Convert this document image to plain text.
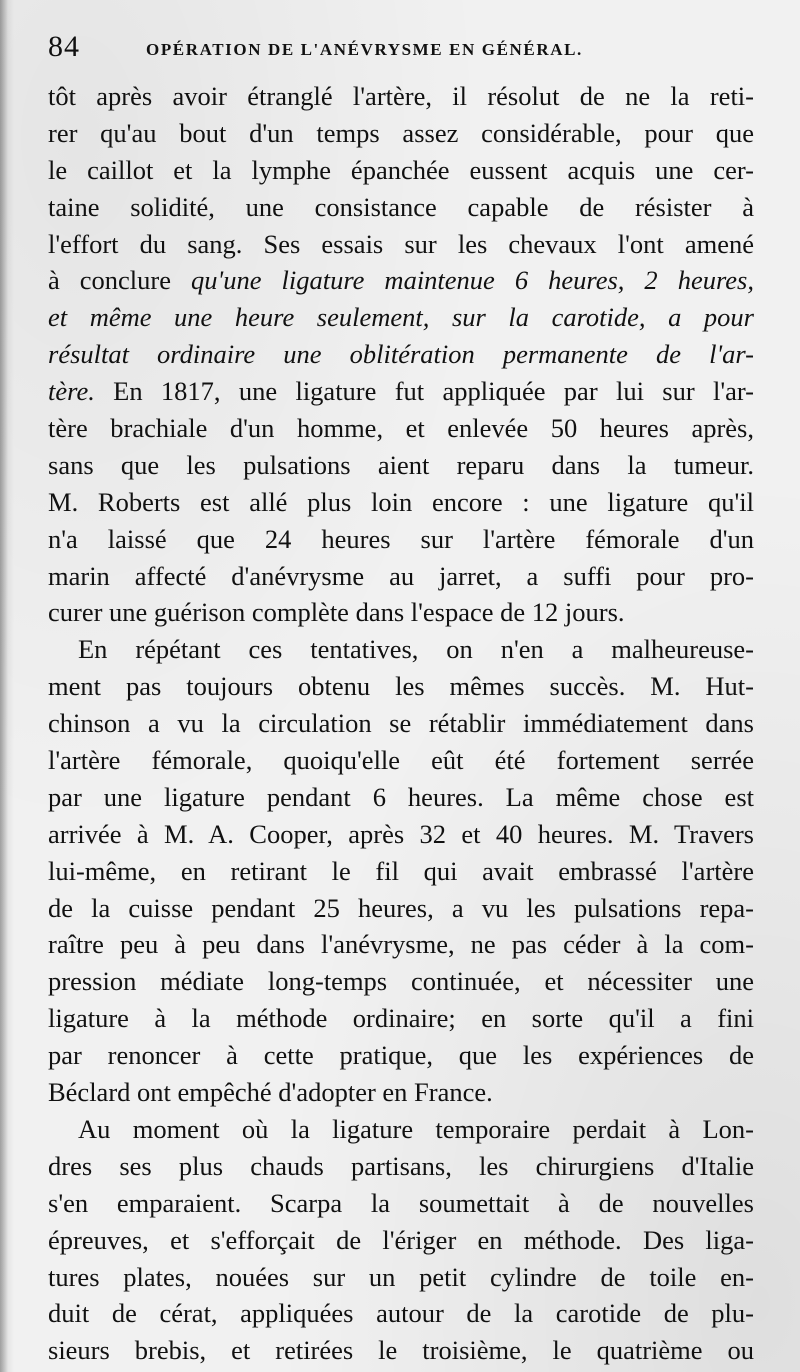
84	OPÉRATION DE L'ANÉVRYSME EN GÉNÉRAL.
tôt après avoir étranglé l'artère, il résolut de ne la reti-
rer qu'au bout d'un temps assez considérable, pour que
le caillot et la lymphe épanchée eussent acquis une cer-
taine solidité, une consistance capable de résister à
l'effort du sang. Ses essais sur les chevaux l'ont amené
à conclure qu'une ligature maintenue 6 heures, 2 heures,
et même une heure seulement, sur la carotide, a pour
résultat ordinaire une oblitération permanente de l'ar-
tère. En 1817, une ligature fut appliquée par lui sur l'ar-
tère brachiale d'un homme, et enlevée 50 heures après,
sans que les pulsations aient reparu dans la tumeur.
M. Roberts est allé plus loin encore : une ligature qu'il
n'a laissé que 24 heures sur l'artère fémorale d'un
marin affecté d'anévrysme au jarret, a suffi pour pro-
curer une guérison complète dans l'espace de 12 jours.
En répétant ces tentatives, on n'en a malheureuse-
ment pas toujours obtenu les mêmes succès. M. Hut-
chinson a vu la circulation se rétablir immédiatement dans
l'artère fémorale, quoiqu'elle eût été fortement serrée
par une ligature pendant 6 heures. La même chose est
arrivée à M. A. Cooper, après 32 et 40 heures. M. Travers
lui-même, en retirant le fil qui avait embrassé l'artère
de la cuisse pendant 25 heures, a vu les pulsations repa-
raître peu à peu dans l'anévrysme, ne pas céder à la com-
pression médiate long-temps continuée, et nécessiter une
ligature à la méthode ordinaire; en sorte qu'il a fini
par renoncer à cette pratique, que les expériences de
Béclard ont empêché d'adopter en France.
Au moment où la ligature temporaire perdait à Lon-
dres ses plus chauds partisans, les chirurgiens d'Italie
s'en emparaient. Scarpa la soumettait à de nouvelles
épreuves, et s'efforçait de l'ériger en méthode. Des liga-
tures plates, nouées sur un petit cylindre de toile en-
duit de cérat, appliquées autour de la carotide de plu-
sieurs brebis, et retirées le troisième, le quatrième ou
